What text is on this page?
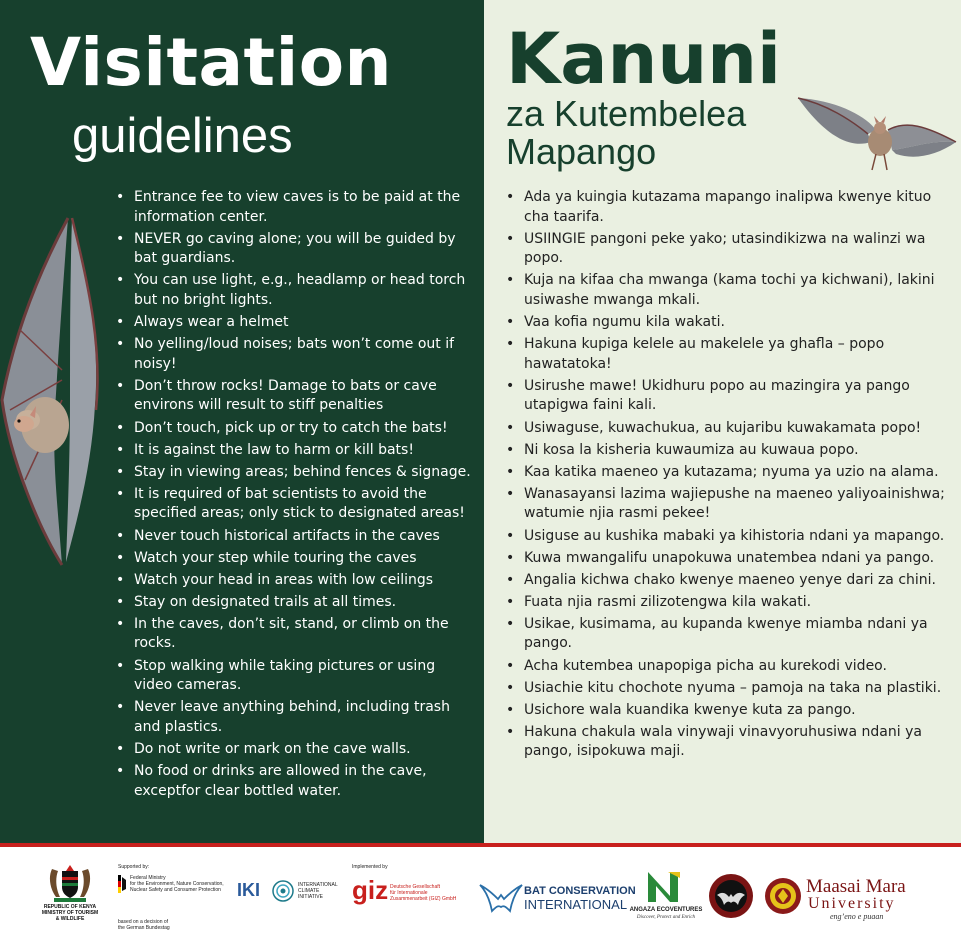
Visitation
guidelines
• Entrance fee to view caves is to be paid at the information center.
• NEVER go caving alone; you will be guided by bat guardians.
• You can use light, e.g., headlamp or head torch but no bright lights.
• Always wear a helmet
• No yelling/loud noises; bats won’t come out if noisy!
• Don’t throw rocks! Damage to bats or cave environs will result to stiff penalties
• Don’t touch, pick up or try to catch the bats!
• It is against the law to harm or kill bats!
• Stay in viewing areas; behind fences & signage.
• It is required of bat scientists to avoid the specified areas; only stick to designated areas!
• Never touch historical artifacts in the caves
• Watch your step while touring the caves
• Watch your head in areas with low ceilings
• Stay on designated trails at all times.
• In the caves, don’t sit, stand, or climb on the rocks.
• Stop walking while taking pictures or using video cameras.
• Never leave anything behind, including trash and plastics.
• Do not write or mark on the cave walls.
• No food or drinks are allowed in the cave, exceptfor clear bottled water.
Kanuni
za Kutembelea
Mapango
• Ada ya kuingia kutazama mapango inalipwa kwenye kituo cha taarifa.
• USIINGIE pangoni peke yako; utasindikizwa na walinzi wa popo.
• Kuja na kifaa cha mwanga (kama tochi ya kichwani), lakini usiwashe mwanga mkali.
• Vaa kofia ngumu kila wakati.
• Hakuna kupiga kelele au makelele ya ghafla – popo hawatatoka!
• Usirushe mawe! Ukidhuru popo au mazingira ya pango utapigwa faini kali.
• Usiwaguse, kuwachukua, au kujaribu kuwakamata popo!
• Ni kosa la kisheria kuwaumiza au kuwaua popo.
• Kaa katika maeneo ya kutazama; nyuma ya uzio na alama.
• Wanasayansi lazima wajiepushe na maeneo yaliyoainishwa; watumie njia rasmi pekee!
• Usiguse au kushika mabaki ya kihistoria ndani ya mapango.
• Kuwa mwangalifu unapokuwa unatembea ndani ya pango.
• Angalia kichwa chako kwenye maeneo yenye dari za chini.
• Fuata njia rasmi zilizotengwa kila wakati.
• Usikae, kusimama, au kupanda kwenye miamba ndani ya pango.
• Acha kutembea unapopiga picha au kurekodi video.
• Usiachie kitu chochote nyuma – pamoja na taka na plastiki.
• Usichore wala kuandika kwenye kuta za pango.
• Hakuna chakula wala vinywaji vinavyoruhusiwa ndani ya pango, isipokuwa maji.
REPUBLIC OF KENYA
MINISTRY OF TOURISM
& WILDLIFE
Supported by:
Federal Ministry
for the Environment, Nature Conservation,
Nuclear Safety and Consumer Protection
based on a decision of
the German Bundestag
IKI	INTERNATIONAL
CLIMATE
INITIATIVE
Implemented by
giz Deutsche Gesellschaft
für Internationale
Zusammenarbeit (GIZ) GmbH
BAT CONSERVATION
INTERNATIONAL ANGAZA ECOVENTURES
Discover, Protect and Enrich
Maasai Mara
University
eng’eno e puaan
